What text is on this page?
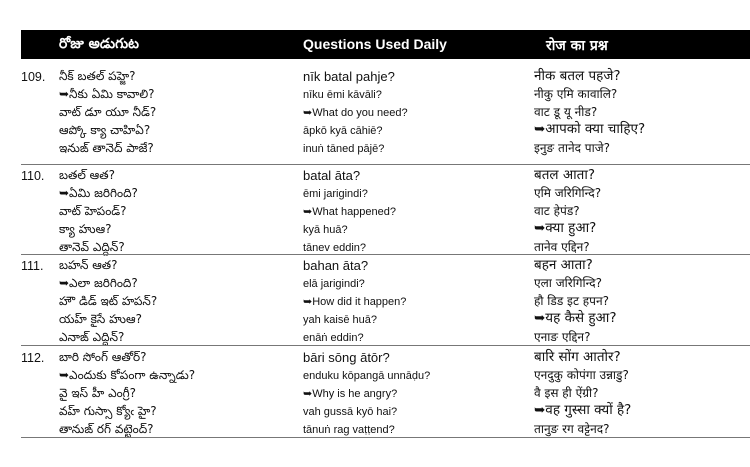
రోజు అడుగుట	Questions Used Daily	रोज का प्रश्न
109. నీక్ బతల్ పహ్జె?
➥నీకు ఏమి కావాలి?
వాట్ డూ యూ నీడ్?
ఆప్కో క్యా చాహిఏ?
ఇనుఙ్ తానెద్ పాజే?
nīk batal pahje?
nīku ēmi kāvāli?
➥What do you need?
āpkō kyā cāhiē?
inuṅ tāned pājē?
नीक बतल पहजे?
नीकु एमि कावालि?
वाट डू यू नीड?
➥आपको क्या चाहिए?
इनुङ तानेद पाजे?
110. బతల్ ఆత?
➥ఏమి జరిగింది?
వాట్ హెపండ్?
క్యా హుఆ?
తానెవ్ ఎద్దిన్?
batal āta?
ēmi jarigindi?
➥What happened?
kyā huā?
tānev eddin?
बतल आता?
एमि जरिगिन्दि?
वाट हेपंड?
➥क्या हुआ?
तानेव एद्दिन?
111. బహన్ ఆత?
➥ఎలా జరిగింది?
హౌ డిడ్ ఇట్ హపన్?
యహ్ కైసే హుఆ?
ఎనాఙ్ ఎద్దిన్?
bahan āta?
elā jarigindi?
➥How did it happen?
yah kaisē huā?
enāṅ eddin?
बहन आता?
एला जरिगिन्दि?
हौ डिड इट हपन?
➥यह कैसे हुआ?
एनाङ एद्दिन?
112. బారి సోంగ్ ఆతోర్?
➥ఎందుకు కోపంగా ఉన్నాడు?
వై ఇస్ హీ ఎంగ్రీ?
వహ్ గుస్సా క్యోఁ హై?
తానుఙ్ రగ్ వట్టెంద్?
bāri sōng ātōr?
enduku kōpangā unnāḍu?
➥Why is he angry?
vah gussā kyō hai?
tānuṅ rag vaṭṭend?
बारि सोंग आतोर?
एनदुकु कोपंगा उन्नाडु?
वै इस ही ऐंग्री?
➥वह गुस्सा क्यों है?
तानुङ रग वट्टेनद?
